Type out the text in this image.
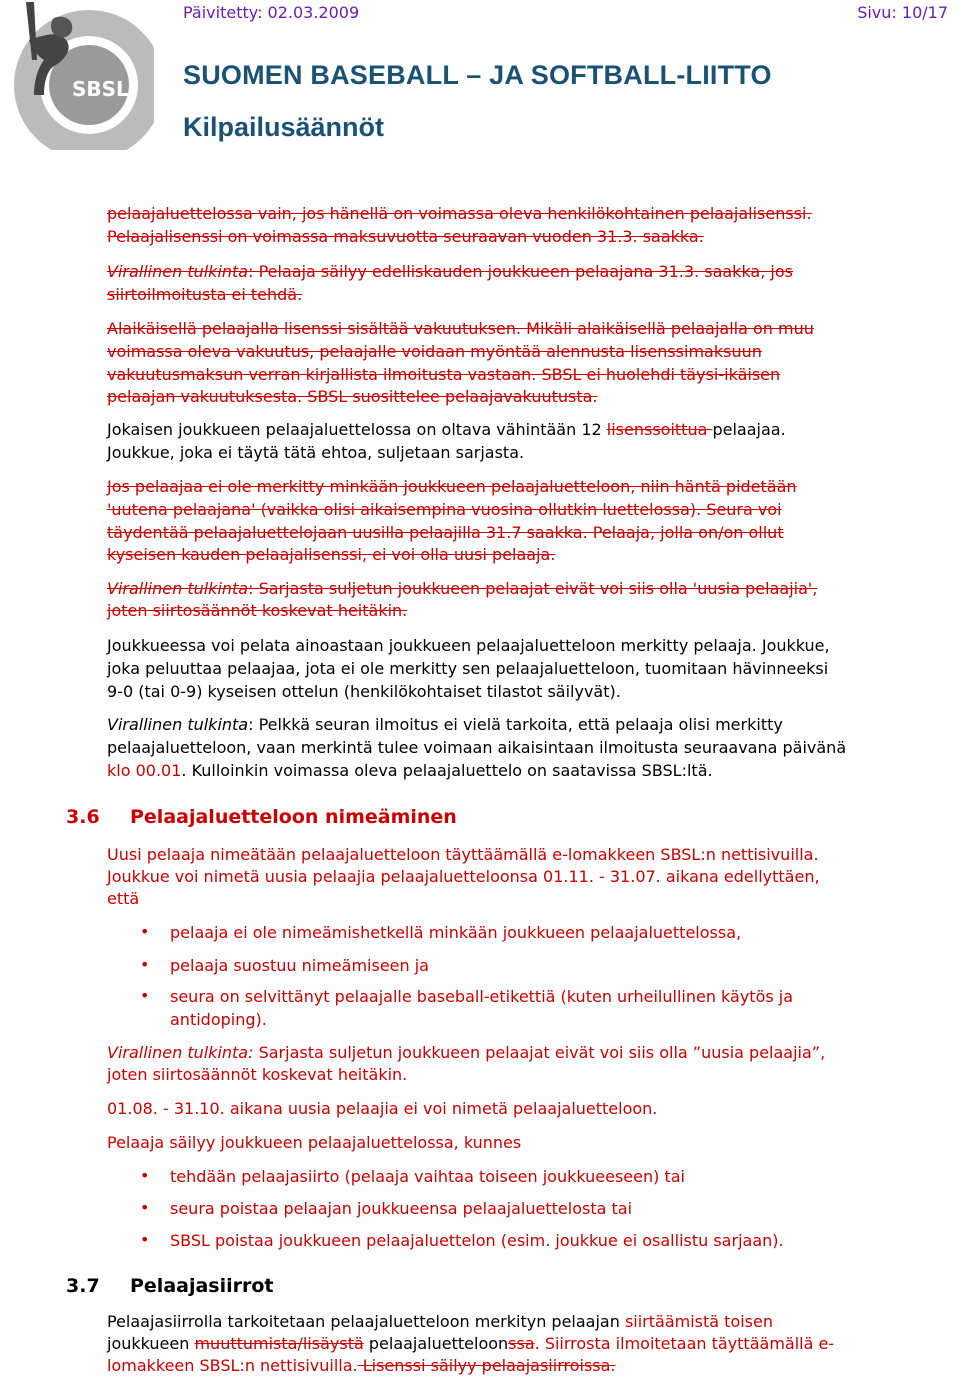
Päivitetty: 02.03.2009	Sivu: 10/17
SBSL SUOMEN BASEBALL – JA SOFTBALL-LIITTO
Kilpailusäännöt
pelaajaluettelossa vain, jos hänellä on voimassa oleva henkilökohtainen pelaajalisenssi.
Pelaajalisenssi on voimassa maksuvuotta seuraavan vuoden 31.3. saakka.
Virallinen tulkinta: Pelaaja säilyy edelliskauden joukkueen pelaajana 31.3. saakka, jos
siirtoilmoitusta ei tehdä.
Alaikäisellä pelaajalla lisenssi sisältää vakuutuksen. Mikäli alaikäisellä pelaajalla on muu
voimassa oleva vakuutus, pelaajalle voidaan myöntää alennusta lisenssimaksuun
vakuutusmaksun verran kirjallista ilmoitusta vastaan. SBSL ei huolehdi täysi-ikäisen
pelaajan vakuutuksesta. SBSL suosittelee pelaajavakuutusta.
Jokaisen joukkueen pelaajaluettelossa on oltava vähintään 12 lisenssoittua pelaajaa.
Joukkue, joka ei täytä tätä ehtoa, suljetaan sarjasta.
Jos pelaajaa ei ole merkitty minkään joukkueen pelaajaluetteloon, niin häntä pidetään
'uutena pelaajana' (vaikka olisi aikaisempina vuosina ollutkin luettelossa). Seura voi
täydentää pelaajaluettelojaan uusilla pelaajilla 31.7 saakka. Pelaaja, jolla on/on ollut
kyseisen kauden pelaajalisenssi, ei voi olla uusi pelaaja.
Virallinen tulkinta: Sarjasta suljetun joukkueen pelaajat eivät voi siis olla 'uusia pelaajia',
joten siirtosäännöt koskevat heitäkin.
Joukkueessa voi pelata ainoastaan joukkueen pelaajaluetteloon merkitty pelaaja. Joukkue,
joka peluuttaa pelaajaa, jota ei ole merkitty sen pelaajaluetteloon, tuomitaan hävinneeksi
9-0 (tai 0-9) kyseisen ottelun (henkilökohtaiset tilastot säilyvät).
Virallinen tulkinta: Pelkkä seuran ilmoitus ei vielä tarkoita, että pelaaja olisi merkitty
pelaajaluetteloon, vaan merkintä tulee voimaan aikaisintaan ilmoitusta seuraavana päivänä
klo 00.01. Kulloinkin voimassa oleva pelaajaluettelo on saatavissa SBSL:ltä.
3.6 Pelaajaluetteloon nimeäminen
Uusi pelaaja nimeätään pelaajaluetteloon täyttäämällä e-lomakkeen SBSL:n nettisivuilla.
Joukkue voi nimetä uusia pelaajia pelaajaluetteloonsa 01.11. - 31.07. aikana edellyttäen,
että
• pelaaja ei ole nimeämishetkellä minkään joukkueen pelaajaluettelossa,
• pelaaja suostuu nimeämiseen ja
• seura on selvittänyt pelaajalle baseball-etikettiä (kuten urheilullinen käytös ja
antidoping).
Virallinen tulkinta: Sarjasta suljetun joukkueen pelaajat eivät voi siis olla ”uusia pelaajia”,
joten siirtosäännöt koskevat heitäkin.
01.08. - 31.10. aikana uusia pelaajia ei voi nimetä pelaajaluetteloon.
Pelaaja säilyy joukkueen pelaajaluettelossa, kunnes
• tehdään pelaajasiirto (pelaaja vaihtaa toiseen joukkueeseen) tai
• seura poistaa pelaajan joukkueensa pelaajaluettelosta tai
• SBSL poistaa joukkueen pelaajaluettelon (esim. joukkue ei osallistu sarjaan).
3.7 Pelaajasiirrot
Pelaajasiirrolla tarkoitetaan pelaajaluetteloon merkityn pelaajan siirtäämistä toisen
joukkueen muuttumista/lisäystä pelaajaluetteloonssa. Siirrosta ilmoitetaan täyttäämällä e-
lomakkeen SBSL:n nettisivuilla. Lisenssi säilyy pelaajasiirroissa.
